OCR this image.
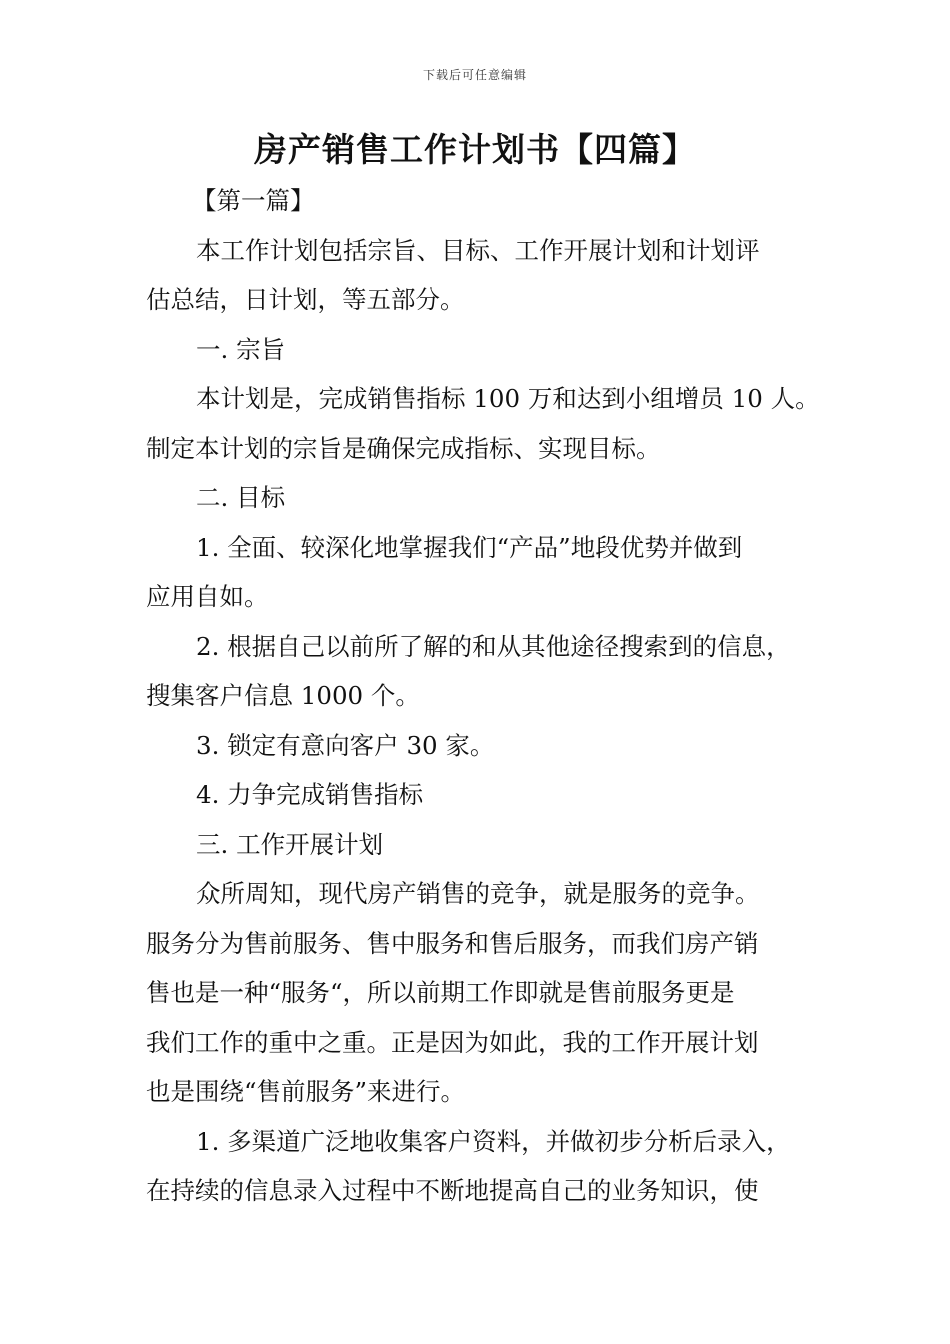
下载后可任意编辑
房产销售工作计划书【四篇】
【第一篇】
本工作计划包括宗旨、目标、工作开展计划和计划评
估总结，日计划，等五部分。
一. 宗旨
本计划是，完成销售指标 100 万和达到小组增员 10 人。
制定本计划的宗旨是确保完成指标、实现目标。
二. 目标
1. 全面、较深化地掌握我们“产品”地段优势并做到
应用自如。
2. 根据自己以前所了解的和从其他途径搜索到的信息，
搜集客户信息 1000 个。
3. 锁定有意向客户 30 家。
4. 力争完成销售指标
三. 工作开展计划
众所周知，现代房产销售的竞争，就是服务的竞争。
服务分为售前服务、售中服务和售后服务，而我们房产销
售也是一种“服务“，所以前期工作即就是售前服务更是
我们工作的重中之重。正是因为如此，我的工作开展计划
也是围绕“售前服务”来进行。
1. 多渠道广泛地收集客户资料，并做初步分析后录入，
在持续的信息录入过程中不断地提高自己的业务知识，使
